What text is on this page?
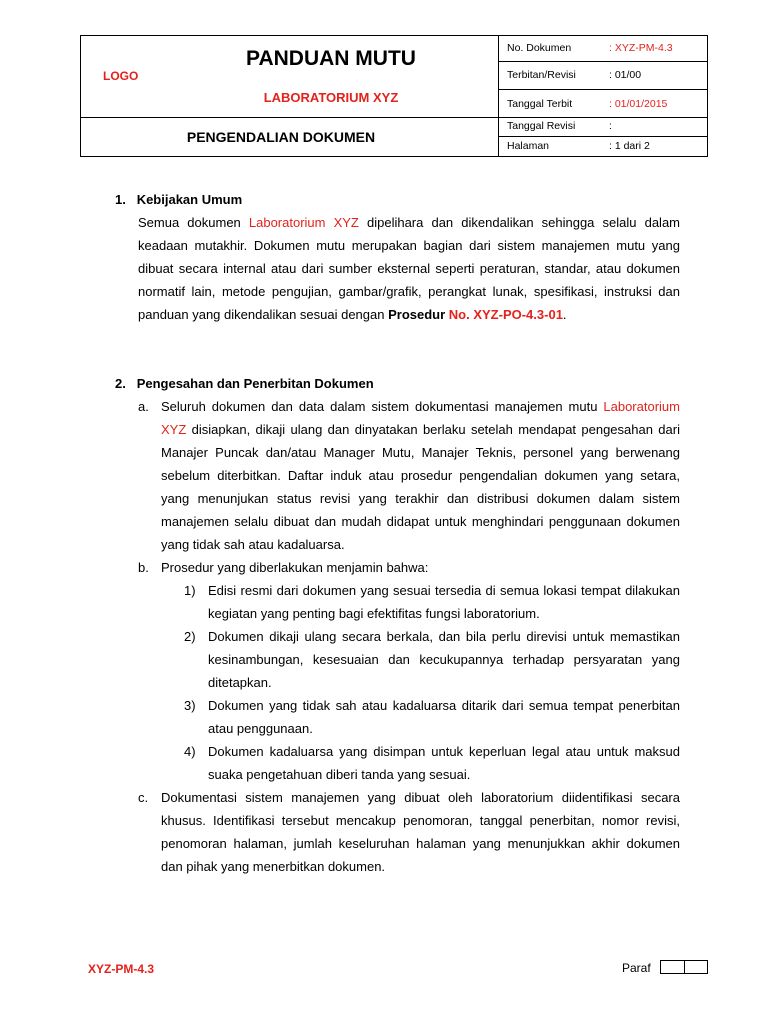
LOGO
PANDUAN MUTU
LABORATORIUM XYZ
PENGENDALIAN DOKUMEN
No. Dokumen	: XYZ-PM-4.3
Terbitan/Revisi	: 01/00
Tanggal Terbit	: 01/01/2015
Tanggal Revisi	:
Halaman	: 1 dari 2
1. Kebijakan Umum
Semua dokumen Laboratorium XYZ dipelihara dan dikendalikan sehingga selalu dalam keadaan mutakhir. Dokumen mutu merupakan bagian dari sistem manajemen mutu yang dibuat secara internal atau dari sumber eksternal seperti peraturan, standar, atau dokumen normatif lain, metode pengujian, gambar/grafik, perangkat lunak, spesifikasi, instruksi dan panduan yang dikendalikan sesuai dengan Prosedur No. XYZ-PO-4.3-01.
2. Pengesahan dan Penerbitan Dokumen
a. Seluruh dokumen dan data dalam sistem dokumentasi manajemen mutu Laboratorium XYZ disiapkan, dikaji ulang dan dinyatakan berlaku setelah mendapat pengesahan dari Manajer Puncak dan/atau Manager Mutu, Manajer Teknis, personel yang berwenang sebelum diterbitkan. Daftar induk atau prosedur pengendalian dokumen yang setara, yang menunjukan status revisi yang terakhir dan distribusi dokumen dalam sistem manajemen selalu dibuat dan mudah didapat untuk menghindari penggunaan dokumen yang tidak sah atau kadaluarsa.
b. Prosedur yang diberlakukan menjamin bahwa:
1) Edisi resmi dari dokumen yang sesuai tersedia di semua lokasi tempat dilakukan kegiatan yang penting bagi efektifitas fungsi laboratorium.
2) Dokumen dikaji ulang secara berkala, dan bila perlu direvisi untuk memastikan kesinambungan, kesesuaian dan kecukupannya terhadap persyaratan yang ditetapkan.
3) Dokumen yang tidak sah atau kadaluarsa ditarik dari semua tempat penerbitan atau penggunaan.
4) Dokumen kadaluarsa yang disimpan untuk keperluan legal atau untuk maksud suaka pengetahuan diberi tanda yang sesuai.
c. Dokumentasi sistem manajemen yang dibuat oleh laboratorium diidentifikasi secara khusus. Identifikasi tersebut mencakup penomoran, tanggal penerbitan, nomor revisi, penomoran halaman, jumlah keseluruhan halaman yang menunjukkan akhir dokumen dan pihak yang menerbitkan dokumen.
XYZ-PM-4.3	Paraf
